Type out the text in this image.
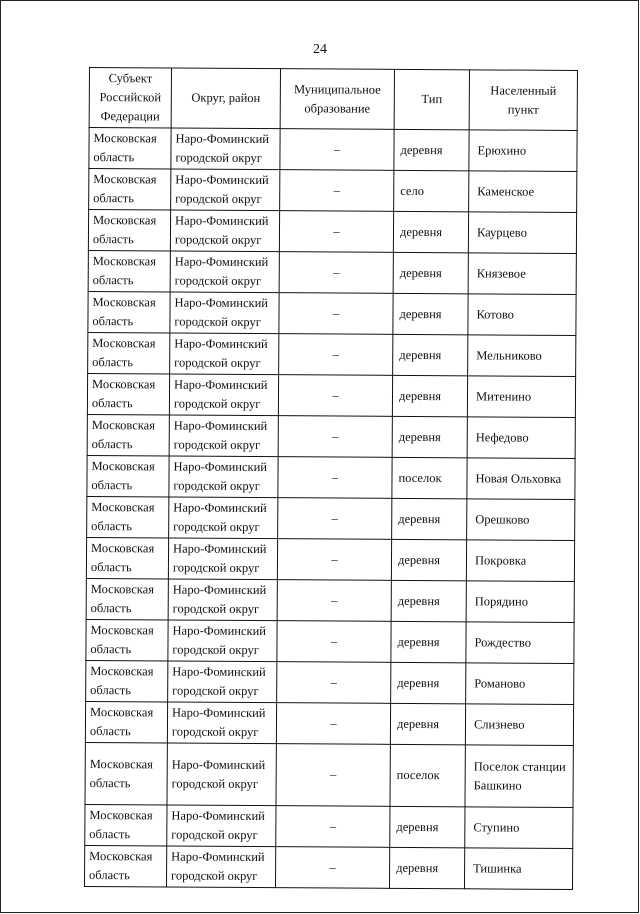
24
Субъект Российской Федерации	Округ, район	Муниципальное образование	Тип	Населенный пункт
Московская область	Наро-Фоминский городской округ	–	деревня	Ерюхино
Московская область	Наро-Фоминский городской округ	–	село	Каменское
Московская область	Наро-Фоминский городской округ	–	деревня	Каурцево
Московская область	Наро-Фоминский городской округ	–	деревня	Князевое
Московская область	Наро-Фоминский городской округ	–	деревня	Котово
Московская область	Наро-Фоминский городской округ	–	деревня	Мельниково
Московская область	Наро-Фоминский городской округ	–	деревня	Митенино
Московская область	Наро-Фоминский городской округ	–	деревня	Нефедово
Московская область	Наро-Фоминский городской округ	–	поселок	Новая Ольховка
Московская область	Наро-Фоминский городской округ	–	деревня	Орешково
Московская область	Наро-Фоминский городской округ	–	деревня	Покровка
Московская область	Наро-Фоминский городской округ	–	деревня	Порядино
Московская область	Наро-Фоминский городской округ	–	деревня	Рождество
Московская область	Наро-Фоминский городской округ	–	деревня	Романово
Московская область	Наро-Фоминский городской округ	–	деревня	Слизнево
Московская область	Наро-Фоминский городской округ	–	поселок	Поселок станции Башкино
Московская область	Наро-Фоминский городской округ	–	деревня	Ступино
Московская область	Наро-Фоминский городской округ	–	деревня	Тишинка
